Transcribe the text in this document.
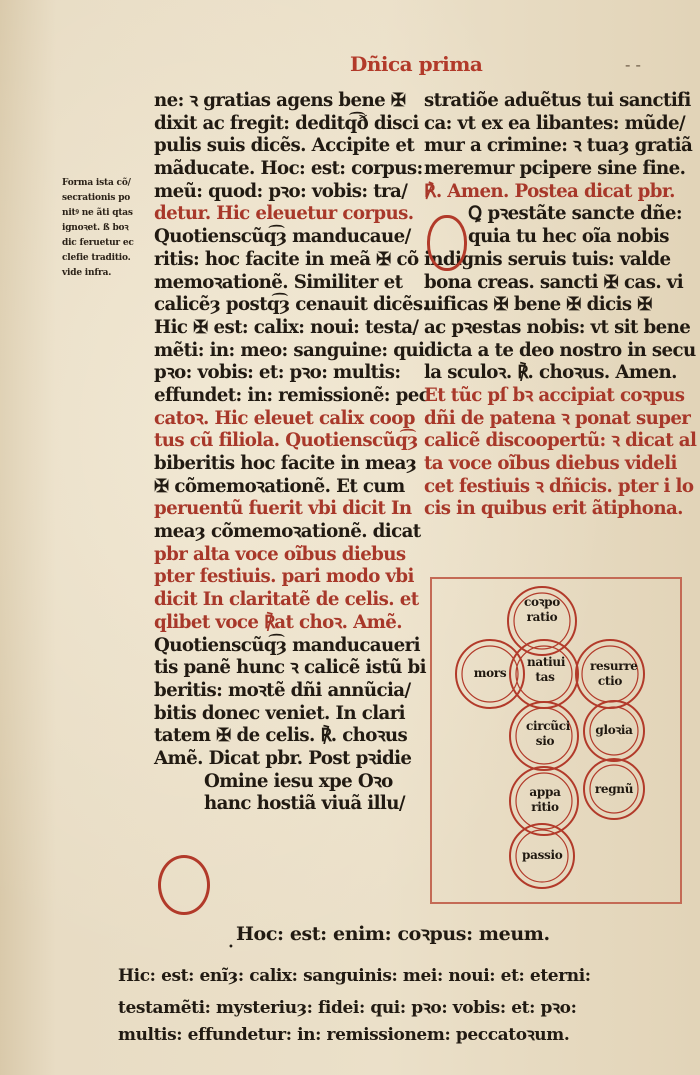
Dñica prima	- -
Forma ista cõ/
secrationis po
nitꝰ ne ãti qtas
ignoꝛet. ß boꝛ
dic feruetur ec
clefie traditio.
vide infra.
ne: ꝛ gratias agens bene ✠
dixit ac fregit: deditq͡ð disci
pulis suis dicẽs. Accipite et
mãducate. Hoc: est: corpus:
meũ: quod: pꝛo: vobis: tra/
detur. Hic eleuetur corpus.
Quotienscũq͡ȝ manducaue/
ritis: hoc facite in meã ✠ cõ
memoꝛationẽ. Similiter et
calicẽȝ postq͡ȝ cenauit dicẽs.
Hic ✠ est: calix: noui: testa/
mẽti: in: meo: sanguine: qui
pꝛo: vobis: et: pꝛo: multis:
effundet: in: remissionẽ: pec
catoꝛ. Hic eleuet calix coop
tus cũ filiola. Quotienscũq͡ȝ
biberitis hoc facite in meaȝ
✠ cõmemoꝛationẽ. Et cum
peruentũ fuerit vbi dicit In
meaȝ cõmemoꝛationẽ. dicat
pbr alta voce oĩbus diebus
pter festiuis. pari modo vbi
dicit In claritatẽ de celis. et
qlibet voce ℟at choꝛ. Amẽ.
Quotienscũq͡ȝ manducaueri
tis panẽ hunc ꝛ calicẽ istũ bi
beritis: moꝛtẽ dñi annũcia/
bitis donec veniet. In clari
tatem ✠ de celis. ℟. choꝛus
Amẽ. Dicat pbr. Post pꝛidie
Omine iesu xpe Oꝛo
hanc hostiã viuã illu/
stratiõe aduẽtus tui sanctifi
ca: vt ex ea libantes: mũde/
mur a crimine: ꝛ tuaȝ gratiã
meremur pcipere sine fine.
℟. Amen. Postea dicat pbr.
Ꝗ pꝛestãte sancte dñe:
quia tu hec oĩa nobis
indignis seruis tuis: valde
bona creas. sancti ✠ cas. vi
uificas ✠ bene ✠ dicis ✠
ac pꝛestas nobis: vt sit bene
dicta a te deo nostro in secu
la sculoꝛ. ℟. choꝛus. Amen.
Et tũc pſ bꝛ accipiat coꝛpus
dñi de patena ꝛ ponat super
calicẽ discoopertũ: ꝛ dicat al
ta voce oĩbus diebus videli
cet festiuis ꝛ dñicis. pter i lo
cis in quibus erit ãtiphona.
coꝛpo ratio
mors
natiui tas
resurre ctio
circũci sio
gloꝛia
appa ritio
regnũ
passio
Hoc: est: enim: coꝛpus: meum.
•
Hic: est: enĩȝ: calix: sanguinis: mei: noui: et: eterni:
testamẽti: mysteriuȝ: fidei: qui: pꝛo: vobis: et: pꝛo:
multis: effundetur: in: remissionem: peccatoꝛum.
